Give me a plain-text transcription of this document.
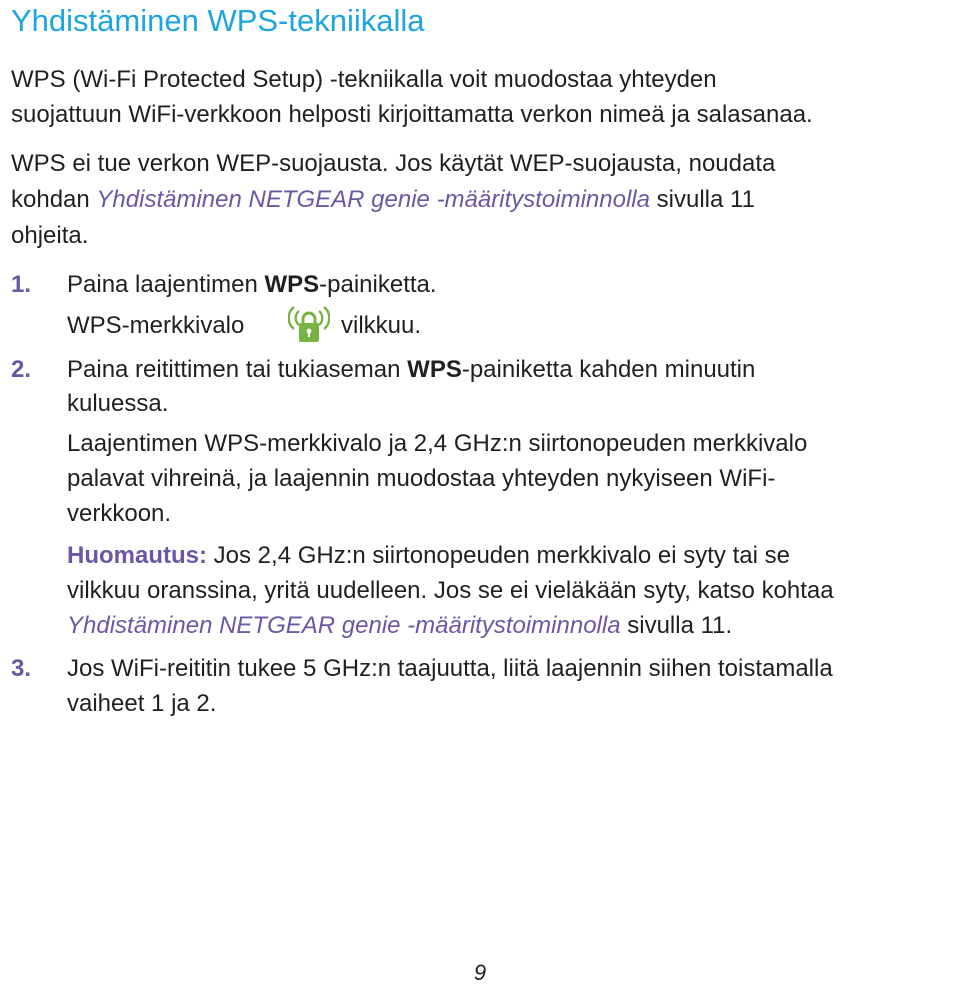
Yhdistäminen WPS-tekniikalla

WPS (Wi-Fi Protected Setup) -tekniikalla voit muodostaa yhteyden

suojattuun WiFi-verkkoon helposti kirjoittamatta verkon nimeä ja salasanaa.

WPS ei tue verkon WEP-suojausta. Jos käytät WEP-suojausta, noudata

kohdan Yhdistäminen NETGEAR genie -määritystoiminnolla sivulla 11

ohjeita.

1. Paina laajentimen WPS-painiketta.

WPS-merkkivalo	vilkkuu.

2. Paina reitittimen tai tukiaseman WPS-painiketta kahden minuutin

kuluessa.

Laajentimen WPS-merkkivalo ja 2,4 GHz:n siirtonopeuden merkkivalo

palavat vihreinä, ja laajennin muodostaa yhteyden nykyiseen WiFi-

verkkoon.

Huomautus: Jos 2,4 GHz:n siirtonopeuden merkkivalo ei syty tai se

vilkkuu oranssina, yritä uudelleen. Jos se ei vieläkään syty, katso kohtaa

Yhdistäminen NETGEAR genie -määritystoiminnolla sivulla 11.

3. Jos WiFi-reititin tukee 5 GHz:n taajuutta, liitä laajennin siihen toistamalla

vaiheet 1 ja 2.

9
